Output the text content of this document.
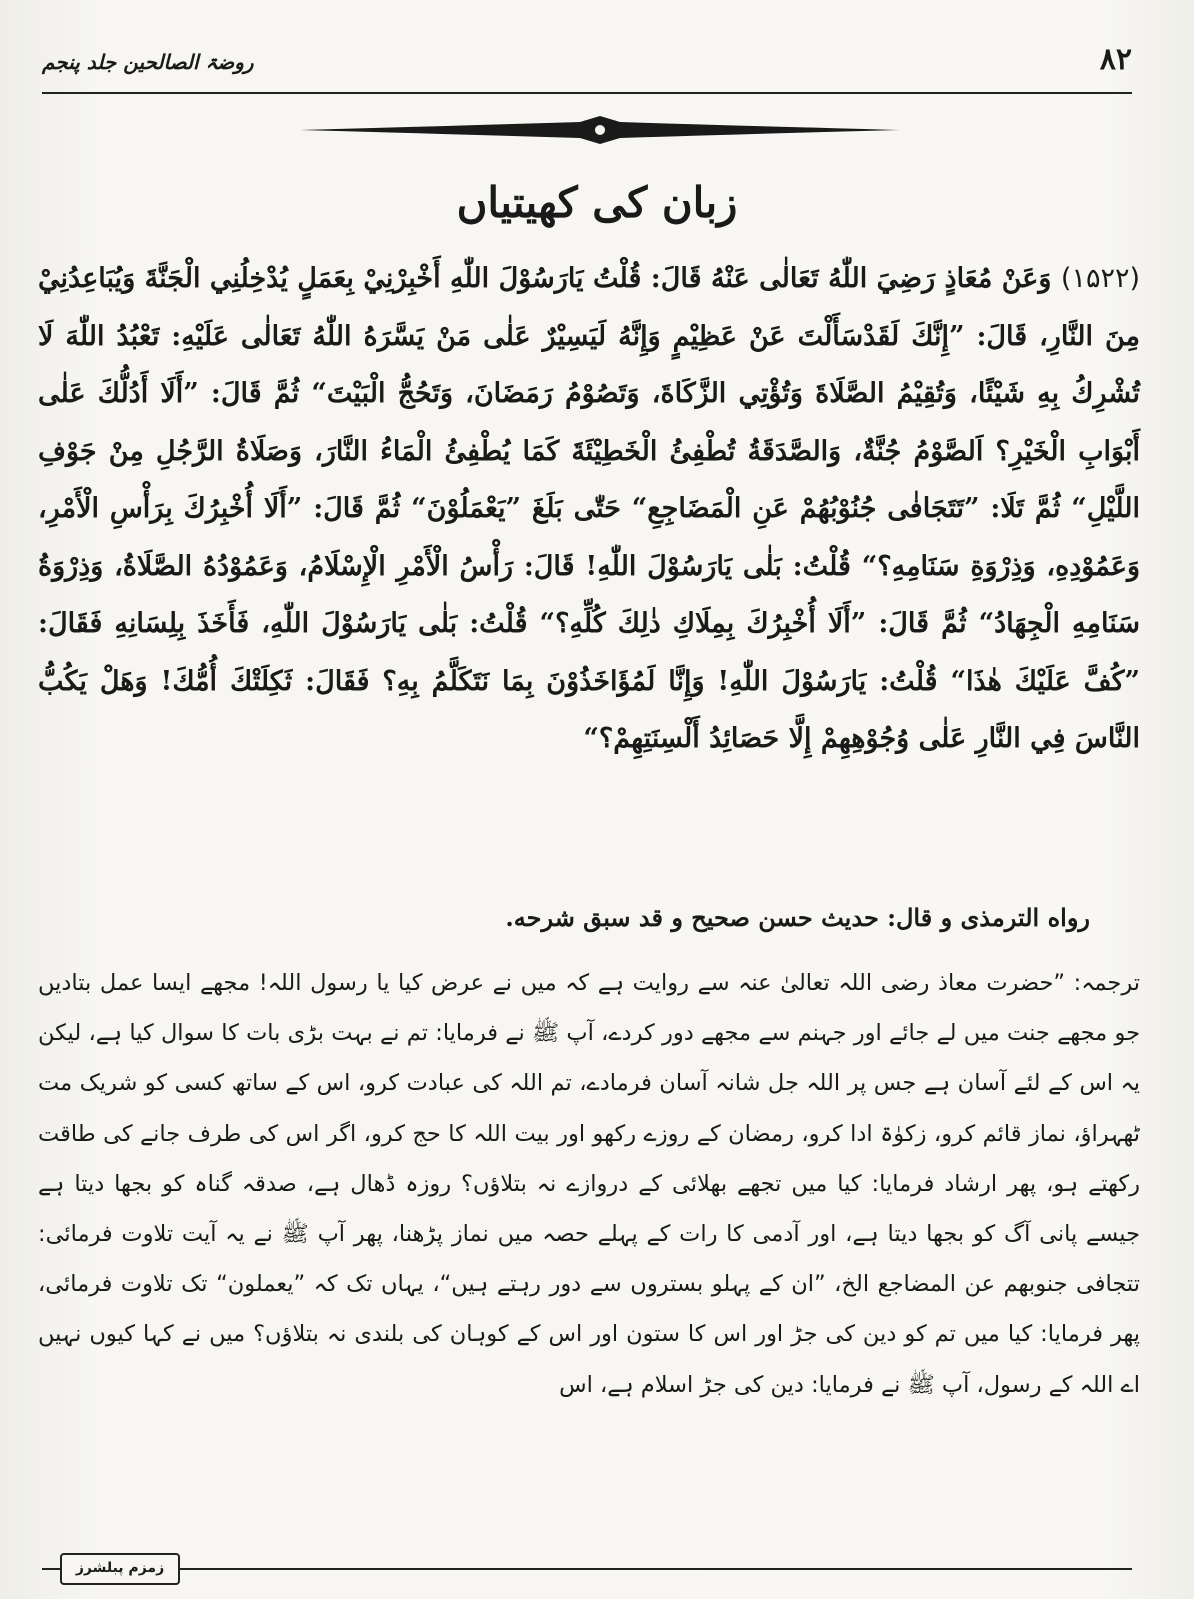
۸۲
روضۃ الصالحین جلد پنجم
زبان کی کھیتیاں
(۱۵۲۲) وَعَنْ مُعَاذٍ رَضِيَ اللّٰهُ تَعَالٰى عَنْهُ قَالَ: قُلْتُ يَارَسُوْلَ اللّٰهِ أَخْبِرْنِيْ بِعَمَلٍ يُدْخِلُنِي الْجَنَّةَ وَيُبَاعِدُنِيْ مِنَ النَّارِ، قَالَ: ”إِنَّكَ لَقَدْسَأَلْتَ عَنْ عَظِيْمٍ وَإِنَّهُ لَيَسِيْرٌ عَلٰى مَنْ يَسَّرَهُ اللّٰهُ تَعَالٰى عَلَيْهِ: تَعْبُدُ اللّٰهَ لَا تُشْرِكُ بِهِ شَيْئًا، وَتُقِيْمُ الصَّلَاةَ وَتُؤْتِي الزَّكَاةَ، وَتَصُوْمُ رَمَضَانَ، وَتَحُجُّ الْبَيْتَ“ ثُمَّ قَالَ: ”أَلَا أَدُلُّكَ عَلٰى أَبْوَابِ الْخَيْرِ؟ اَلصَّوْمُ جُنَّةٌ، وَالصَّدَقَةُ تُطْفِئُ الْخَطِيْئَةَ كَمَا يُطْفِئُ الْمَاءُ النَّارَ، وَصَلَاةُ الرَّجُلِ مِنْ جَوْفِ اللَّيْلِ“ ثُمَّ تَلَا: ”تَتَجَافٰى جُنُوْبُهُمْ عَنِ الْمَضَاجِعِ“ حَتّٰى بَلَغَ ”يَعْمَلُوْنَ“ ثُمَّ قَالَ: ”أَلَا أُخْبِرُكَ بِرَأْسِ الْأَمْرِ، وَعَمُوْدِهِ، وَذِرْوَةِ سَنَامِهِ؟“ قُلْتُ: بَلٰى يَارَسُوْلَ اللّٰهِ! قَالَ: رَأْسُ الْأَمْرِ الْإِسْلَامُ، وَعَمُوْدُهُ الصَّلَاةُ، وَذِرْوَةُ سَنَامِهِ الْجِهَادُ“ ثُمَّ قَالَ: ”أَلَا أُخْبِرُكَ بِمِلَاكِ ذٰلِكَ كُلِّهِ؟“ قُلْتُ: بَلٰى يَارَسُوْلَ اللّٰهِ، فَأَخَذَ بِلِسَانِهِ فَقَالَ: ”كُفَّ عَلَيْكَ هٰذَا“ قُلْتُ: يَارَسُوْلَ اللّٰهِ! وَإِنَّا لَمُؤَاخَذُوْنَ بِمَا نَتَكَلَّمُ بِهِ؟ فَقَالَ: ثَكِلَتْكَ أُمُّكَ! وَهَلْ يَكُبُّ النَّاسَ فِي النَّارِ عَلٰى وُجُوْهِهِمْ إِلَّا حَصَائِدُ أَلْسِنَتِهِمْ؟“
رواه الترمذی و قال: حدیث حسن صحیح و قد سبق شرحه.
ترجمہ: ”حضرت معاذ رضی اللہ تعالیٰ عنہ سے روایت ہے کہ میں نے عرض کیا یا رسول اللہ! مجھے ایسا عمل بتادیں جو مجھے جنت میں لے جائے اور جہنم سے مجھے دور کردے، آپ ﷺ نے فرمایا: تم نے بہت بڑی بات کا سوال کیا ہے، لیکن یہ اس کے لئے آسان ہے جس پر اللہ جل شانہ آسان فرمادے، تم اللہ کی عبادت کرو، اس کے ساتھ کسی کو شریک مت ٹھہراؤ، نماز قائم کرو، زکوٰۃ ادا کرو، رمضان کے روزے رکھو اور بیت اللہ کا حج کرو، اگر اس کی طرف جانے کی طاقت رکھتے ہو، پھر ارشاد فرمایا: کیا میں تجھے بھلائی کے دروازے نہ بتلاؤں؟ روزہ ڈھال ہے، صدقہ گناہ کو بجھا دیتا ہے جیسے پانی آگ کو بجھا دیتا ہے، اور آدمی کا رات کے پہلے حصہ میں نماز پڑھنا، پھر آپ ﷺ نے یہ آیت تلاوت فرمائی: تتجافی جنوبھم عن المضاجع الخ، ”ان کے پہلو بستروں سے دور رہتے ہیں“، یہاں تک کہ ”یعملون“ تک تلاوت فرمائی، پھر فرمایا: کیا میں تم کو دین کی جڑ اور اس کا ستون اور اس کے کوہان کی بلندی نہ بتلاؤں؟ میں نے کہا کیوں نہیں اے اللہ کے رسول، آپ ﷺ نے فرمایا: دین کی جڑ اسلام ہے، اس
زمزم پبلشرز
